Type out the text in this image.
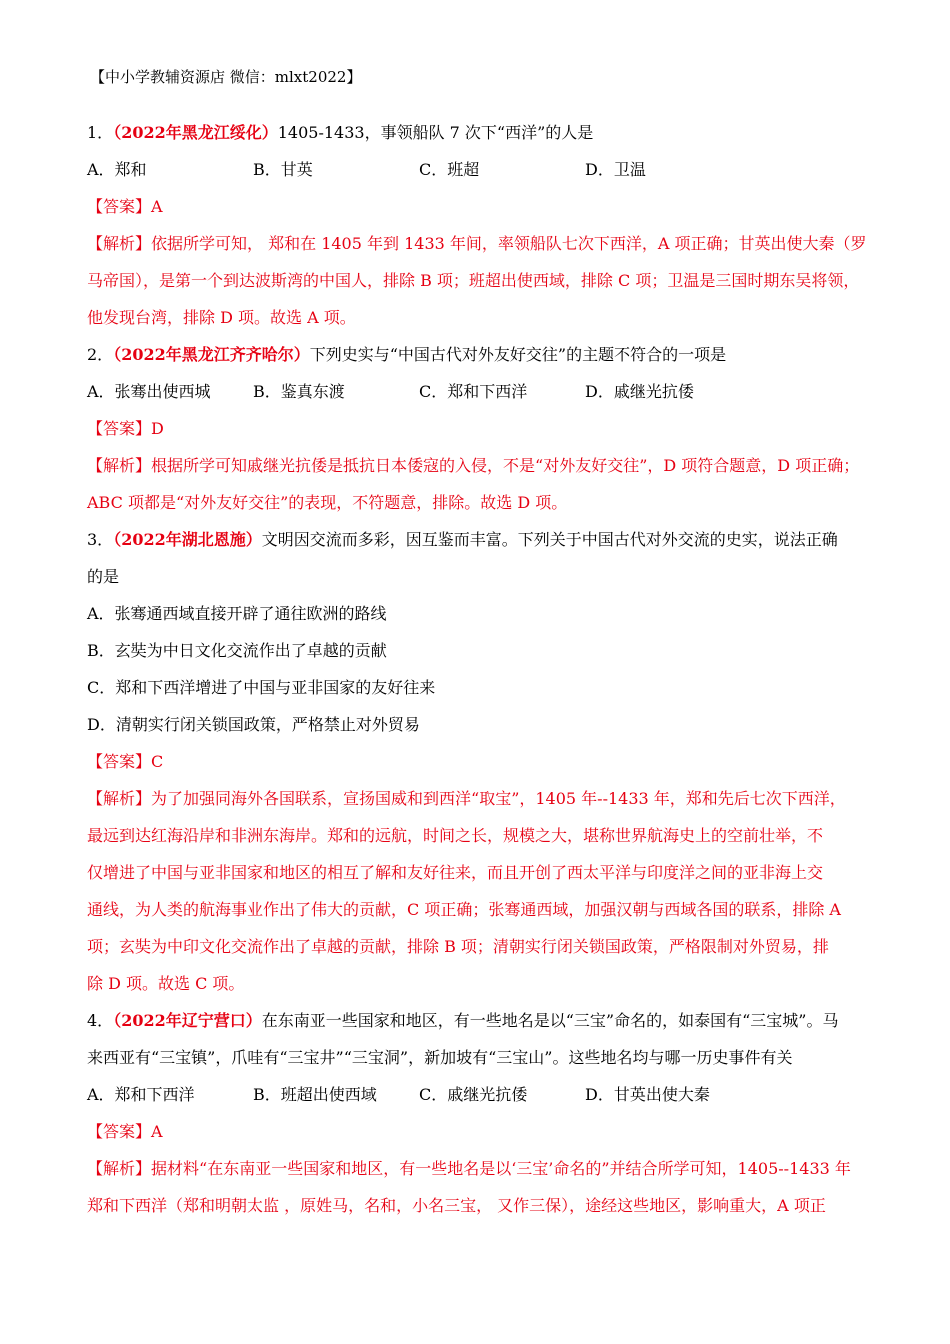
【中小学教辅资源店 微信：mlxt2022】
1．（2022年黑龙江绥化）1405-1433，事领船队 7 次下“西洋”的人是
A．郑和	B．甘英	C．班超	D．卫温
【答案】A
【解析】依据所学可知， 郑和在 1405 年到 1433 年间，率领船队七次下西洋，A 项正确；甘英出使大秦（罗
马帝国），是第一个到达波斯湾的中国人，排除 B 项；班超出使西域，排除 C 项；卫温是三国时期东吴将领，
他发现台湾，排除 D 项。故选 A 项。
2．（2022年黑龙江齐齐哈尔）下列史实与“中国古代对外友好交往”的主题不符合的一项是
A．张骞出使西城	B．鉴真东渡	C．郑和下西洋	D．戚继光抗倭
【答案】D
【解析】根据所学可知戚继光抗倭是抵抗日本倭寇的入侵，不是“对外友好交往”，D 项符合题意，D 项正确；
ABC 项都是“对外友好交往”的表现，不符题意，排除。故选 D 项。
3．（2022年湖北恩施）文明因交流而多彩，因互鉴而丰富。下列关于中国古代对外交流的史实，说法正确
的是
A．张骞通西域直接开辟了通往欧洲的路线
B．玄奘为中日文化交流作出了卓越的贡献
C．郑和下西洋增进了中国与亚非国家的友好往来
D．清朝实行闭关锁国政策，严格禁止对外贸易
【答案】C
【解析】为了加强同海外各国联系，宣扬国威和到西洋“取宝”，1405 年--1433 年，郑和先后七次下西洋，
最远到达红海沿岸和非洲东海岸。郑和的远航，时间之长，规模之大，堪称世界航海史上的空前壮举，不
仅增进了中国与亚非国家和地区的相互了解和友好往来，而且开创了西太平洋与印度洋之间的亚非海上交
通线，为人类的航海事业作出了伟大的贡献，C 项正确；张骞通西域，加强汉朝与西域各国的联系，排除 A
项；玄奘为中印文化交流作出了卓越的贡献，排除 B 项；清朝实行闭关锁国政策，严格限制对外贸易，排
除 D 项。故选 C 项。
4．（2022年辽宁营口）在东南亚一些国家和地区，有一些地名是以“三宝”命名的，如泰国有“三宝城”。马
来西亚有“三宝镇”，爪哇有“三宝井”“三宝洞”，新加坡有“三宝山”。这些地名均与哪一历史事件有关
A．郑和下西洋	B．班超出使西域	C．戚继光抗倭	D．甘英出使大秦
【答案】A
【解析】据材料“在东南亚一些国家和地区，有一些地名是以‘三宝’命名的”并结合所学可知，1405--1433 年
郑和下西洋（郑和明朝太监 ，原姓马，名和，小名三宝， 又作三保），途经这些地区，影响重大，A 项正
